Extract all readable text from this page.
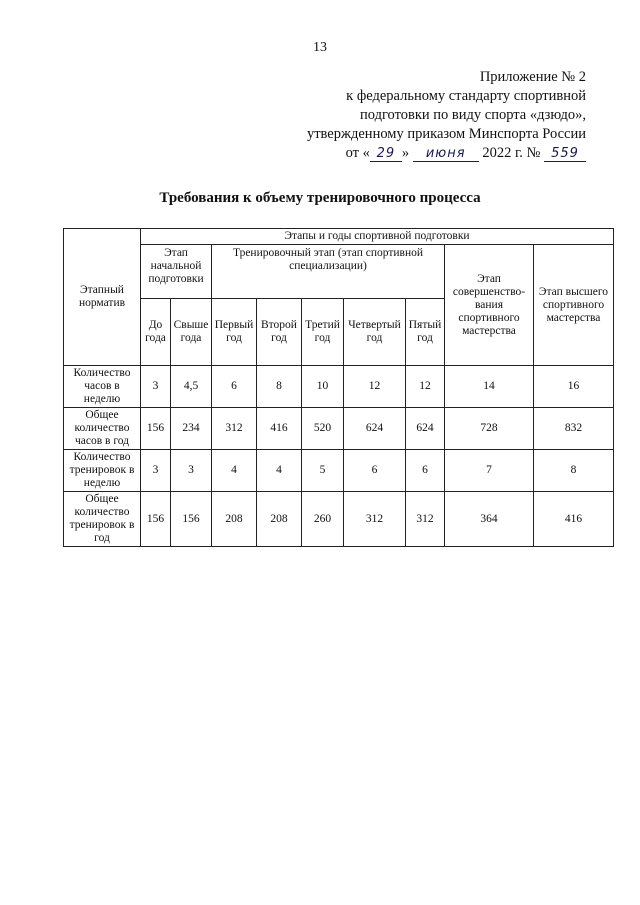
13
Приложение № 2
к федеральному стандарту спортивной
подготовки по виду спорта «дзюдо»,
утвержденному приказом Минспорта России
от « 29 » июня 2022 г. № 559
Требования к объему тренировочного процесса
Этапный норматив	Этапы и годы спортивной подготовки								
	Этап начальной подготовки		Тренировочный этап (этап спортивной специализации)					Этап совершенство-вания спортивного мастерства	Этап высшего спортивного мастерства
	До года	Свыше года	Первый год	Второй год	Третий год	Четвертый год	Пятый год		
Количество часов в неделю	3	4,5	6	8	10	12	12	14	16
Общее количество часов в год	156	234	312	416	520	624	624	728	832
Количество тренировок в неделю	3	3	4	4	5	6	6	7	8
Общее количество тренировок в год	156	156	208	208	260	312	312	364	416
